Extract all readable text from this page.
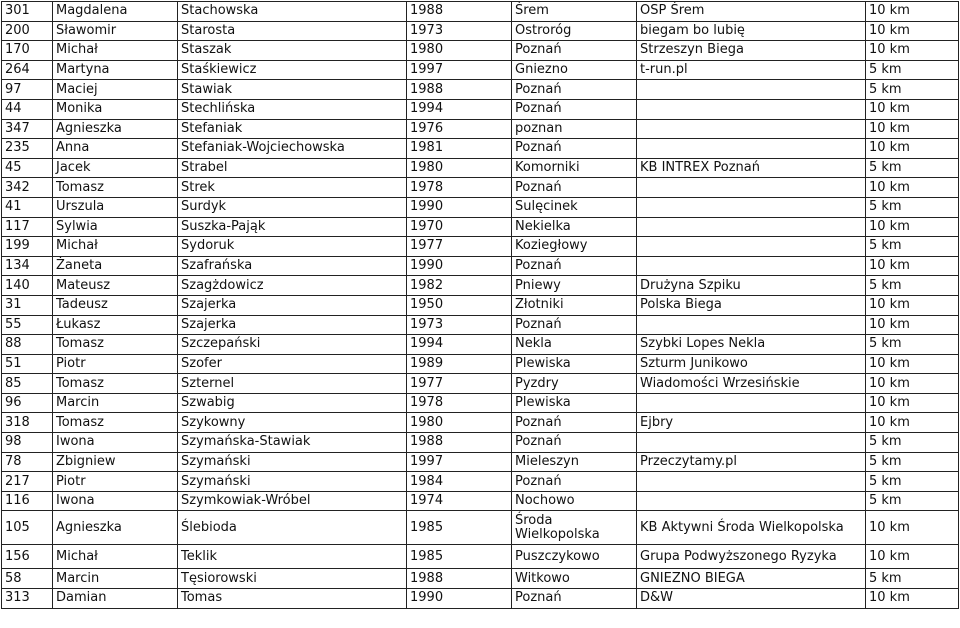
301	Magdalena	Stachowska	1988	Śrem	OSP Śrem	10 km
200	Sławomir	Starosta	1973	Ostroróg	biegam bo lubię	10 km
170	Michał	Staszak	1980	Poznań	Strzeszyn Biega	10 km
264	Martyna	Staśkiewicz	1997	Gniezno	t-run.pl	5 km
97	Maciej	Stawiak	1988	Poznań		5 km
44	Monika	Stechlińska	1994	Poznań		10 km
347	Agnieszka	Stefaniak	1976	poznan		10 km
235	Anna	Stefaniak-Wojciechowska	1981	Poznań		10 km
45	Jacek	Strabel	1980	Komorniki	KB INTREX Poznań	5 km
342	Tomasz	Strek	1978	Poznań		10 km
41	Urszula	Surdyk	1990	Sulęcinek		5 km
117	Sylwia	Suszka-Pająk	1970	Nekielka		10 km
199	Michał	Sydoruk	1977	Koziegłowy		5 km
134	Żaneta	Szafrańska	1990	Poznań		10 km
140	Mateusz	Szagżdowicz	1982	Pniewy	Drużyna Szpiku	5 km
31	Tadeusz	Szajerka	1950	Złotniki	Polska Biega	10 km
55	Łukasz	Szajerka	1973	Poznań		10 km
88	Tomasz	Szczepański	1994	Nekla	Szybki Lopes Nekla	5 km
51	Piotr	Szofer	1989	Plewiska	Szturm Junikowo	10 km
85	Tomasz	Szternel	1977	Pyzdry	Wiadomości Wrzesińskie	10 km
96	Marcin	Szwabig	1978	Plewiska		10 km
318	Tomasz	Szykowny	1980	Poznań	Ejbry	10 km
98	Iwona	Szymańska-Stawiak	1988	Poznań		5 km
78	Zbigniew	Szymański	1997	Mieleszyn	Przeczytamy.pl	5 km
217	Piotr	Szymański	1984	Poznań		5 km
116	Iwona	Szymkowiak-Wróbel	1974	Nochowo		5 km
105	Agnieszka	Ślebioda	1985	Środa Wielkopolska	KB Aktywni Środa Wielkopolska	10 km
156	Michał	Teklik	1985	Puszczykowo	Grupa Podwyższonego Ryzyka	10 km
58	Marcin	Tęsiorowski	1988	Witkowo	GNIEZNO BIEGA	5 km
313	Damian	Tomas	1990	Poznań	D&W	10 km
